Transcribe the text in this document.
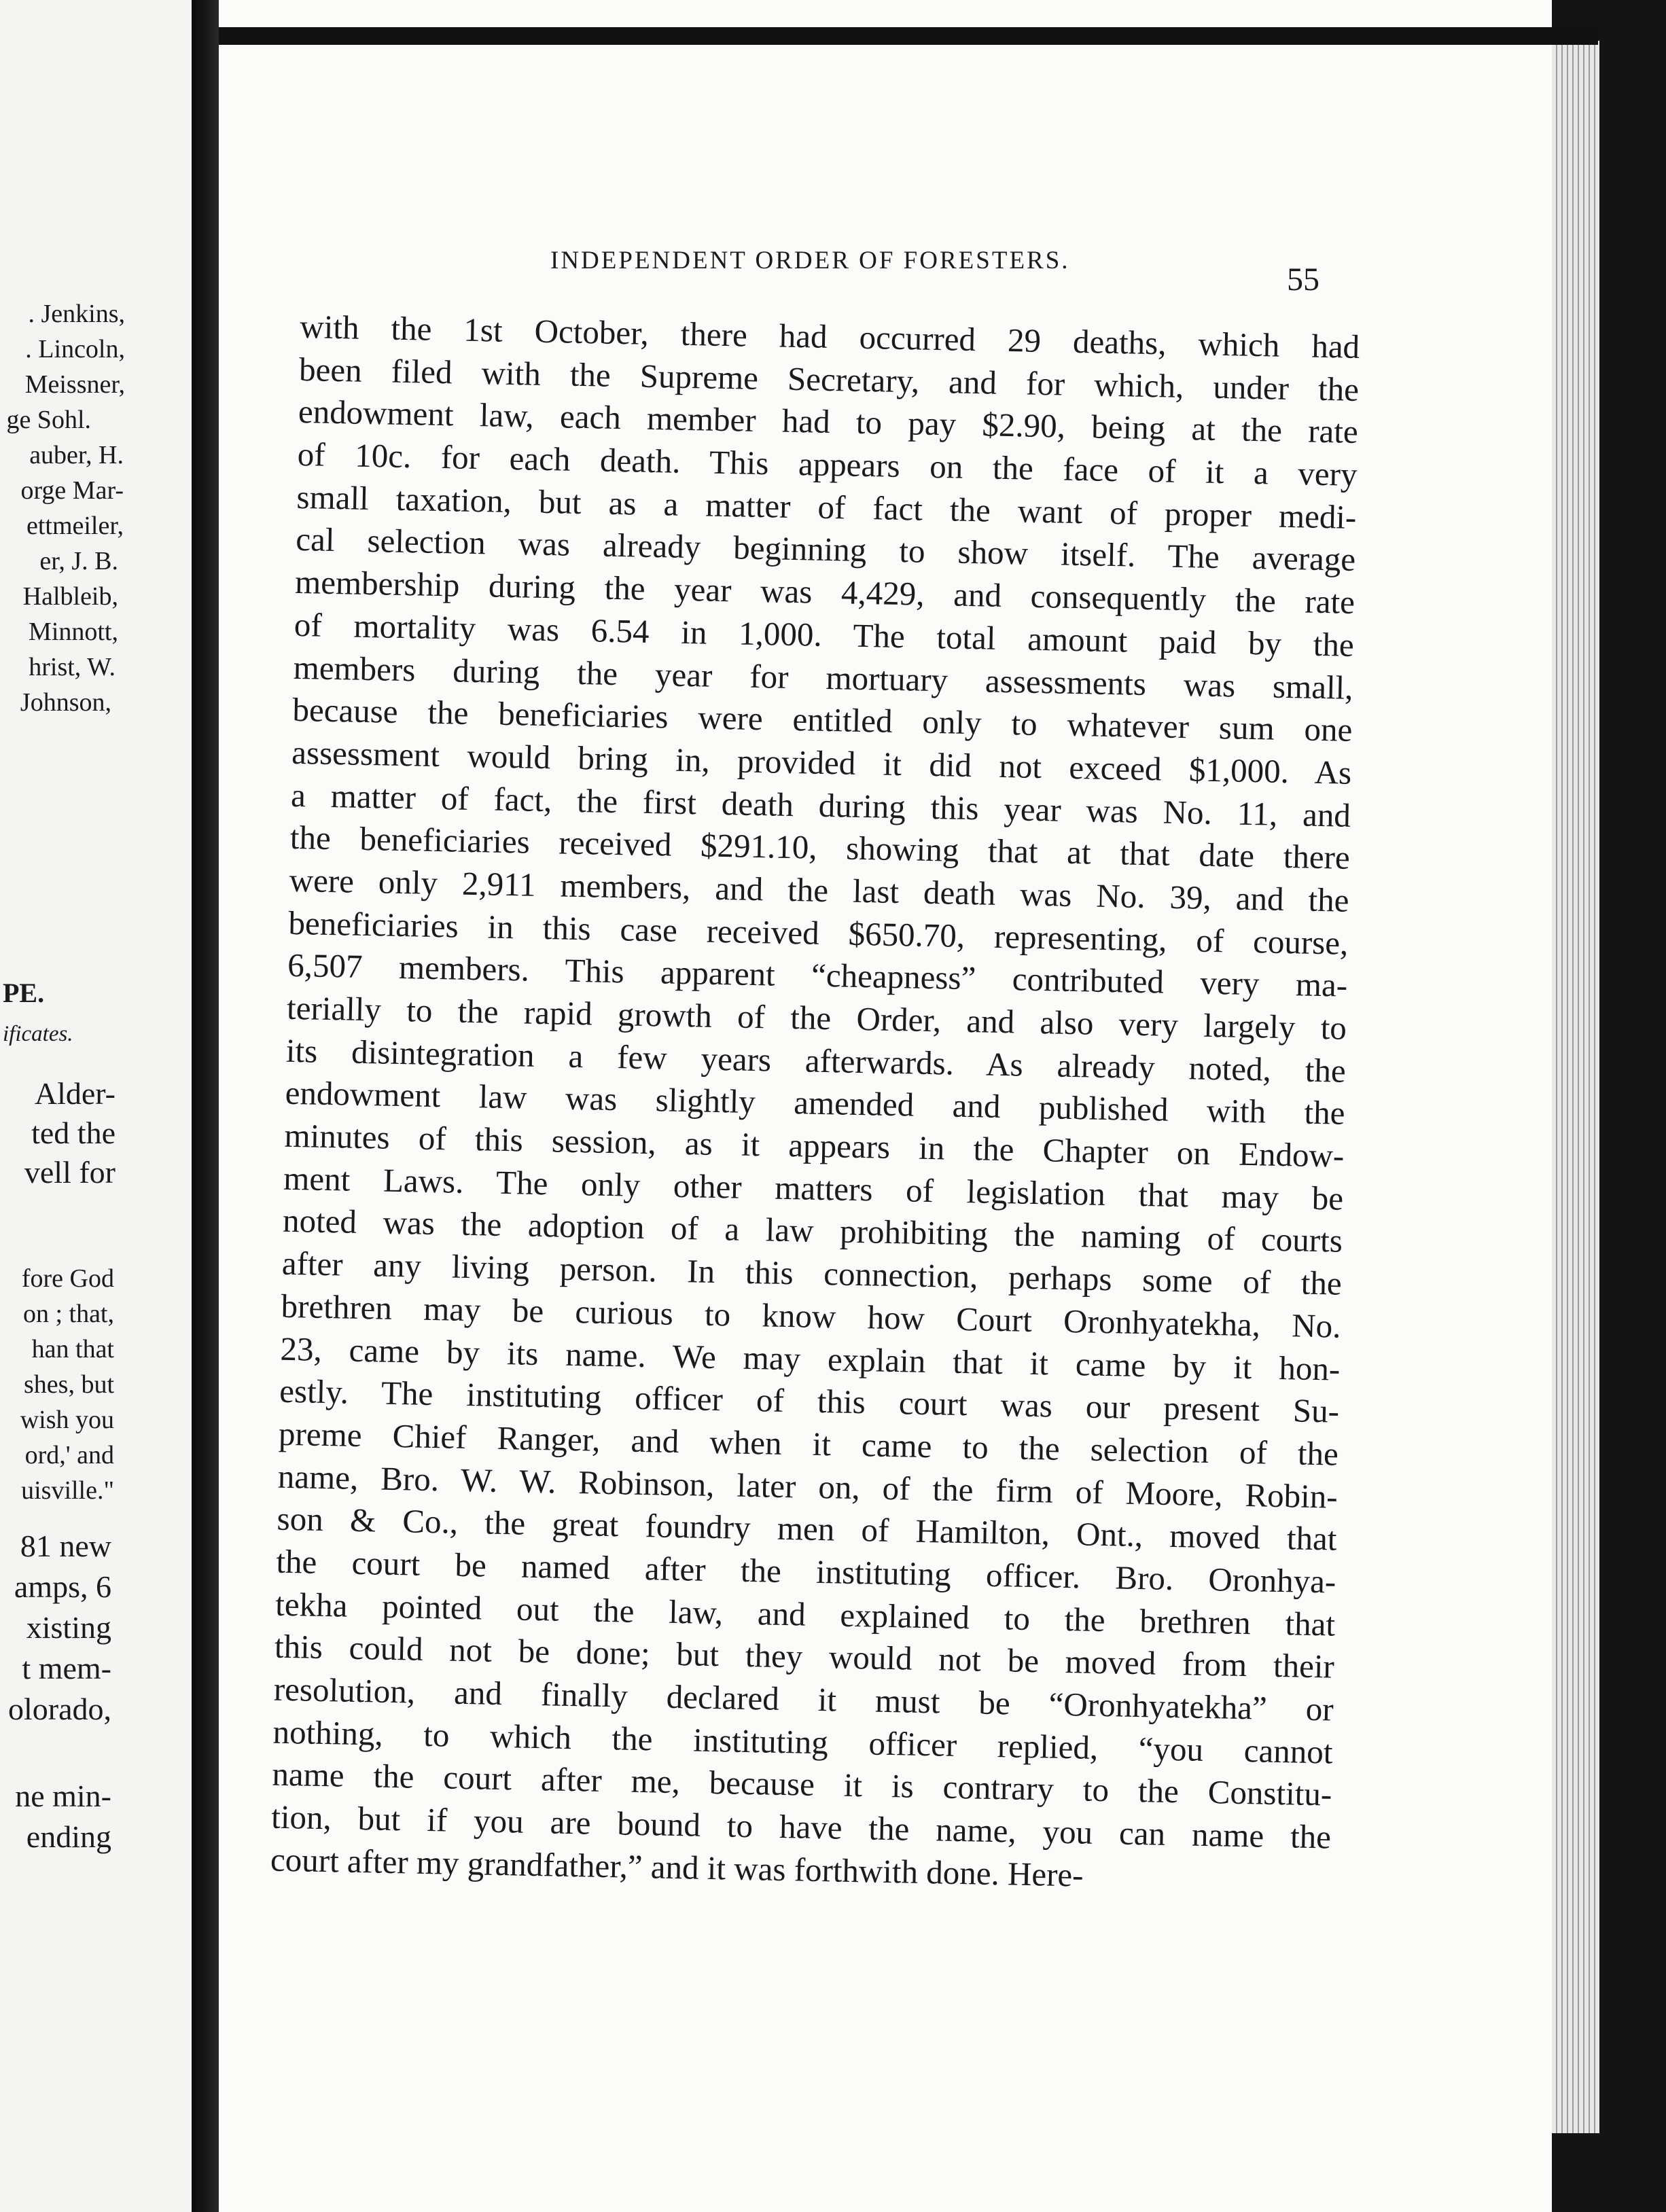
. Jenkins,
. Lincoln,
Meissner,
ge Sohl.
auber, H.
orge Mar-
ettmeiler,
er, J. B.
Halbleib,
Minnott,
hrist, W.
Johnson,
PE.
ificates.
Alder-
ted the
vell for
fore God
on ; that,
han that
shes, but
wish you
ord,' and
uisville."
81 new
amps, 6
xisting
t mem-
olorado,
ne min-
ending
INDEPENDENT ORDER OF FORESTERS.
55
with the 1st October, there had occurred 29 deaths, which had
been filed with the Supreme Secretary, and for which, under the
endowment law, each member had to pay $2.90, being at the rate
of 10c. for each death. This appears on the face of it a very
small taxation, but as a matter of fact the want of proper medi-
cal selection was already beginning to show itself. The average
membership during the year was 4,429, and consequently the rate
of mortality was 6.54 in 1,000. The total amount paid by the
members during the year for mortuary assessments was small,
because the beneficiaries were entitled only to whatever sum one
assessment would bring in, provided it did not exceed $1,000. As
a matter of fact, the first death during this year was No. 11, and
the beneficiaries received $291.10, showing that at that date there
were only 2,911 members, and the last death was No. 39, and the
beneficiaries in this case received $650.70, representing, of course,
6,507 members. This apparent “cheapness” contributed very ma-
terially to the rapid growth of the Order, and also very largely to
its disintegration a few years afterwards. As already noted, the
endowment law was slightly amended and published with the
minutes of this session, as it appears in the Chapter on Endow-
ment Laws. The only other matters of legislation that may be
noted was the adoption of a law prohibiting the naming of courts
after any living person. In this connection, perhaps some of the
brethren may be curious to know how Court Oronhyatekha, No.
23, came by its name. We may explain that it came by it hon-
estly. The instituting officer of this court was our present Su-
preme Chief Ranger, and when it came to the selection of the
name, Bro. W. W. Robinson, later on, of the firm of Moore, Robin-
son & Co., the great foundry men of Hamilton, Ont., moved that
the court be named after the instituting officer. Bro. Oronhya-
tekha pointed out the law, and explained to the brethren that
this could not be done; but they would not be moved from their
resolution, and finally declared it must be “Oronhyatekha” or
nothing, to which the instituting officer replied, “you cannot
name the court after me, because it is contrary to the Constitu-
tion, but if you are bound to have the name, you can name the
court after my grandfather,” and it was forthwith done. Here-
